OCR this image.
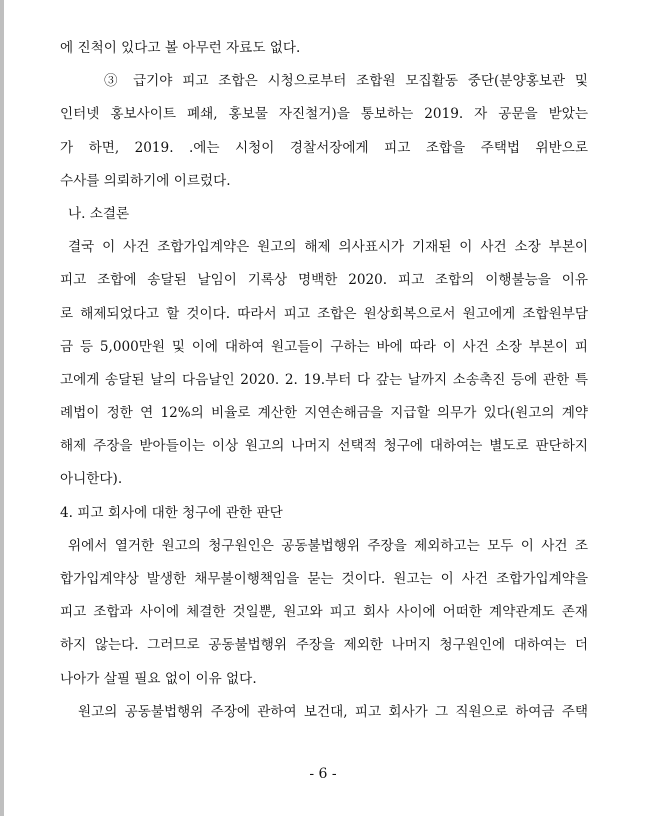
에 진척이 있다고 볼 아무런 자료도 없다.
③ 급기야 피고 조합은 시청으로부터 조합원 모집활동 중단(분양홍보관 및
인터넷 홍보사이트 폐쇄, 홍보물 자진철거)을 통보하는 2019. 자 공문을 받았는
가 하면, 2019. .에는 시청이 경찰서장에게 피고 조합을 주택법 위반으로
수사를 의뢰하기에 이르렀다.
나. 소결론
결국 이 사건 조합가입계약은 원고의 해제 의사표시가 기재된 이 사건 소장 부본이
피고 조합에 송달된 날임이 기록상 명백한 2020. 피고 조합의 이행불능을 이유
로 해제되었다고 할 것이다. 따라서 피고 조합은 원상회복으로서 원고에게 조합원부담
금 등 5,000만원 및 이에 대하여 원고들이 구하는 바에 따라 이 사건 소장 부본이 피
고에게 송달된 날의 다음날인 2020. 2. 19.부터 다 갚는 날까지 소송촉진 등에 관한 특
례법이 정한 연 12%의 비율로 계산한 지연손해금을 지급할 의무가 있다(원고의 계약
해제 주장을 받아들이는 이상 원고의 나머지 선택적 청구에 대하여는 별도로 판단하지
아니한다).
4. 피고 회사에 대한 청구에 관한 판단
위에서 열거한 원고의 청구원인은 공동불법행위 주장을 제외하고는 모두 이 사건 조
합가입계약상 발생한 채무불이행책임을 묻는 것이다. 원고는 이 사건 조합가입계약을
피고 조합과 사이에 체결한 것일뿐, 원고와 피고 회사 사이에 어떠한 계약관계도 존재
하지 않는다. 그러므로 공동불법행위 주장을 제외한 나머지 청구원인에 대하여는 더
나아가 살필 필요 없이 이유 없다.
원고의 공동불법행위 주장에 관하여 보건대, 피고 회사가 그 직원으로 하여금 주택
- 6 -
